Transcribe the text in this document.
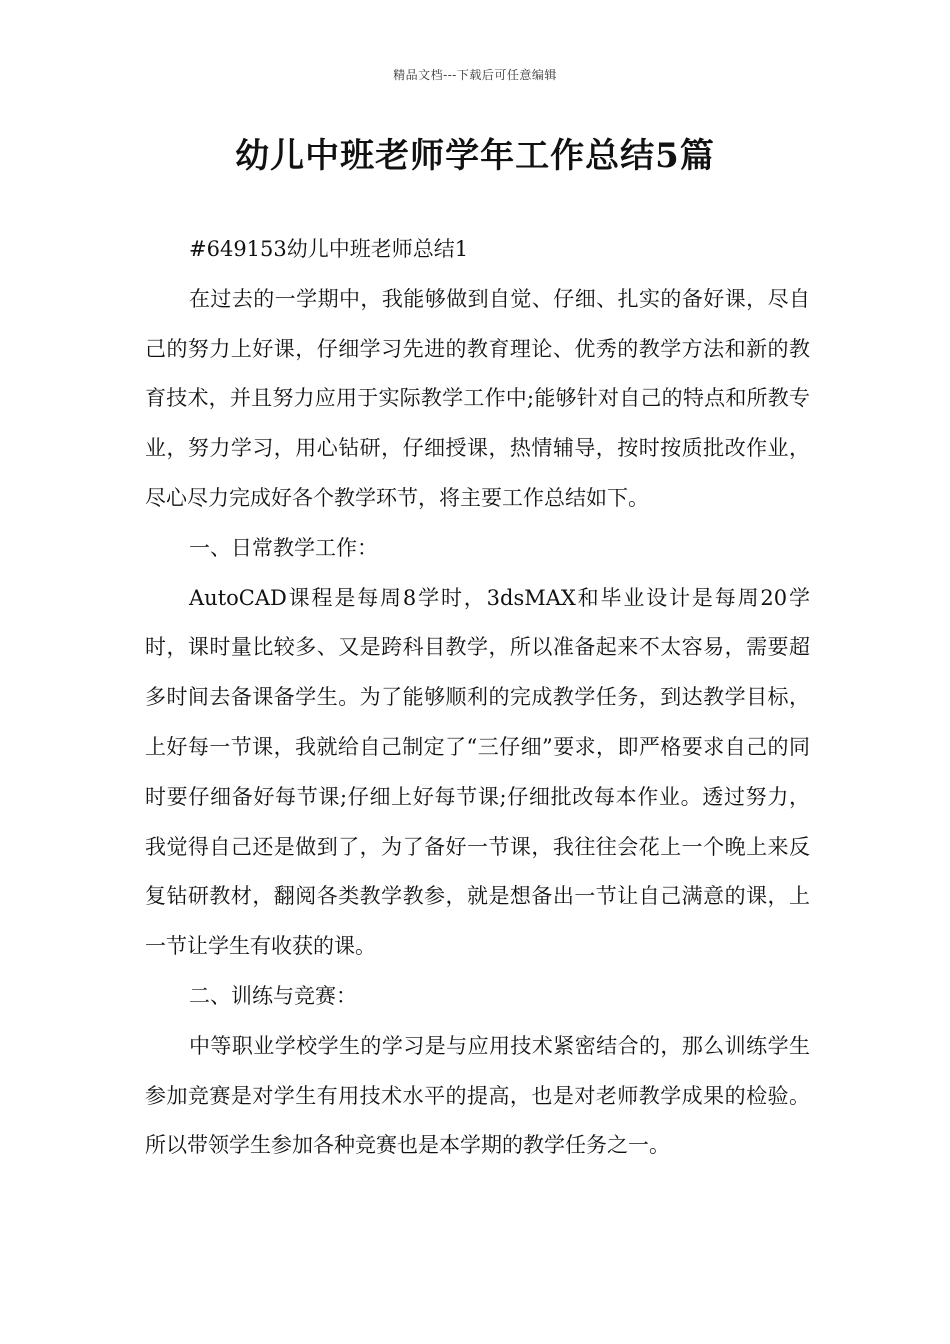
精品文档---下载后可任意编辑
幼儿中班老师学年工作总结5篇

#649153幼儿中班老师总结1

在过去的一学期中，我能够做到自觉、仔细、扎实的备好课，尽自己的努力上好课，仔细学习先进的教育理论、优秀的教学方法和新的教育技术，并且努力应用于实际教学工作中;能够针对自己的特点和所教专业，努力学习，用心钻研，仔细授课，热情辅导，按时按质批改作业，尽心尽力完成好各个教学环节，将主要工作总结如下。

一、日常教学工作：

AutoCAD课程是每周8学时，3dsMAX和毕业设计是每周20学时，课时量比较多、又是跨科目教学，所以准备起来不太容易，需要超多时间去备课备学生。为了能够顺利的完成教学任务，到达教学目标，上好每一节课，我就给自己制定了“三仔细”要求，即严格要求自己的同时要仔细备好每节课;仔细上好每节课;仔细批改每本作业。透过努力，我觉得自己还是做到了，为了备好一节课，我往往会花上一个晚上来反复钻研教材，翻阅各类教学教参，就是想备出一节让自己满意的课，上一节让学生有收获的课。

二、训练与竞赛：

中等职业学校学生的学习是与应用技术紧密结合的，那么训练学生参加竞赛是对学生有用技术水平的提高，也是对老师教学成果的检验。所以带领学生参加各种竞赛也是本学期的教学任务之一。
